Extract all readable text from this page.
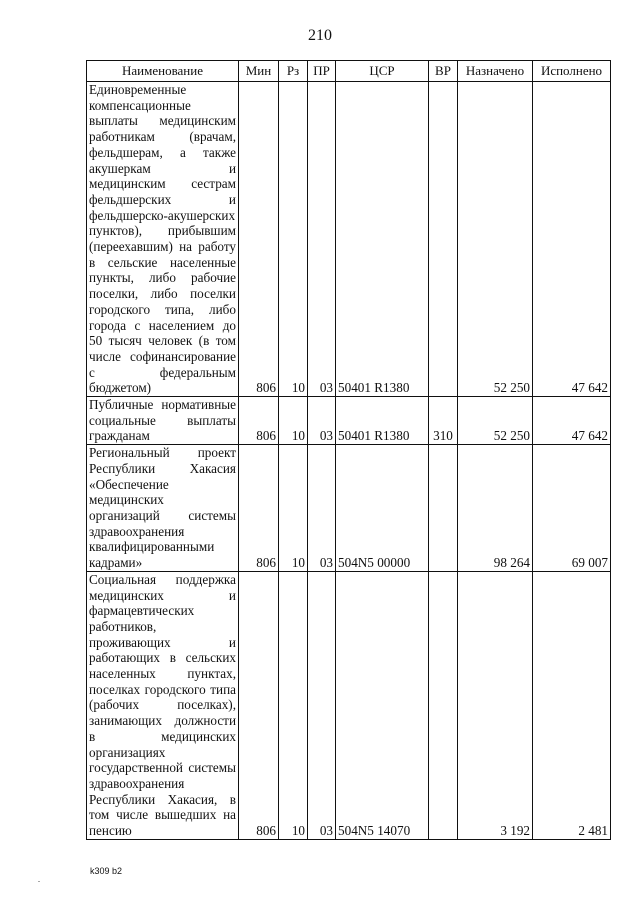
210
Наименование	Мин	Рз	ПР	ЦСР	ВР	Назначено	Исполнено
Единовременные компенсационные выплаты медицинским работникам (врачам, фельдшерам, а также акушеркам и медицинским сестрам фельдшерских и фельдшерско-акушерских пунктов), прибывшим (переехавшим) на работу в сельские населенные пункты, либо рабочие поселки, либо поселки городского типа, либо города с населением до 50 тысяч человек (в том числе софинансирование с федеральным бюджетом)	806	10	03	50401 R1380		52 250	47 642
Публичные нормативные социальные выплаты гражданам	806	10	03	50401 R1380	310	52 250	47 642
Региональный проект Республики Хакасия «Обеспечение медицинских организаций системы здравоохранения квалифицированными кадрами»	806	10	03	504N5 00000		98 264	69 007
Социальная поддержка медицинских и фармацевтических работников, проживающих и работающих в сельских населенных пунктах, поселках городского типа (рабочих поселках), занимающих должности в медицинских организациях государственной системы здравоохранения Республики Хакасия, в том числе вышедших на пенсию	806	10	03	504N5 14070		3 192	2 481
.
k309 b2
